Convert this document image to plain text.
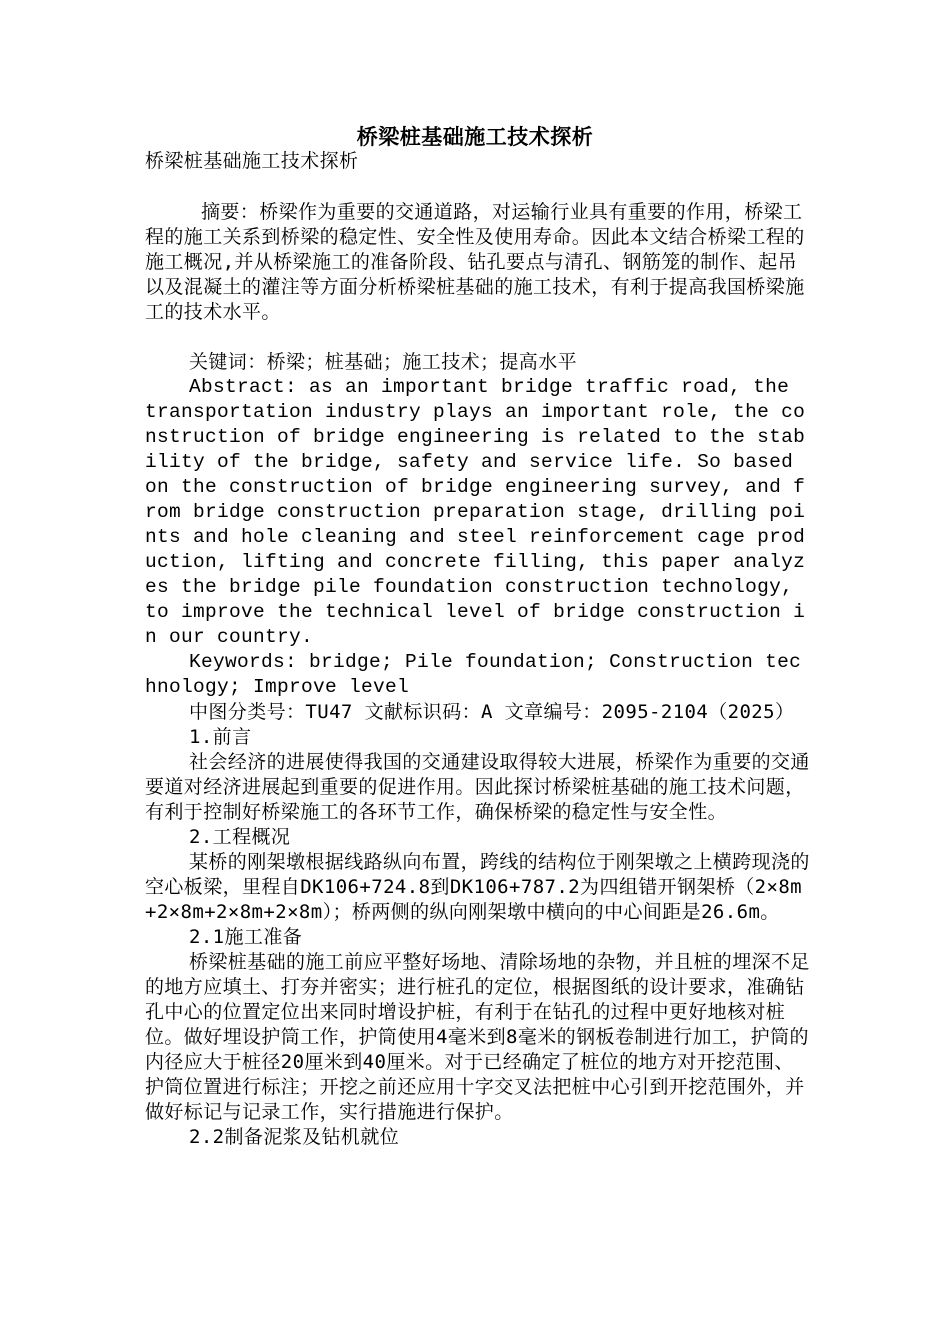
桥梁桩基础施工技术探析

桥梁桩基础施工技术探析

摘要：桥梁作为重要的交通道路，对运输行业具有重要的作用，桥梁工程的施工关系到桥梁的稳定性、安全性及使用寿命。因此本文结合桥梁工程的施工概况,并从桥梁施工的准备阶段、钻孔要点与清孔、钢筋笼的制作、起吊以及混凝土的灌注等方面分析桥梁桩基础的施工技术，有利于提高我国桥梁施工的技术水平。

关键词：桥梁；桩基础；施工技术；提高水平

Abstract: as an important bridge traffic road, the transportation industry plays an important role, the construction of bridge engineering is related to the stability of the bridge, safety and service life. So based on the construction of bridge engineering survey, and from bridge construction preparation stage, drilling points and hole cleaning and steel reinforcement cage production, lifting and concrete filling, this paper analyzes the bridge pile foundation construction technology, to improve the technical level of bridge construction in our country.

Keywords: bridge; Pile foundation; Construction technology; Improve level

中图分类号：TU47 文献标识码：A 文章编号：2095-2104（2025）

1.前言

社会经济的进展使得我国的交通建设取得较大进展，桥梁作为重要的交通要道对经济进展起到重要的促进作用。因此探讨桥梁桩基础的施工技术问题，有利于控制好桥梁施工的各环节工作，确保桥梁的稳定性与安全性。

2.工程概况

某桥的刚架墩根据线路纵向布置，跨线的结构位于刚架墩之上横跨现浇的空心板梁，里程自DK106+724.8到DK106+787.2为四组错开钢架桥（2×8m+2×8m+2×8m+2×8m）；桥两侧的纵向刚架墩中横向的中心间距是26.6m。

2.1施工准备

桥梁桩基础的施工前应平整好场地、清除场地的杂物，并且桩的埋深不足的地方应填土、打夯并密实；进行桩孔的定位，根据图纸的设计要求，准确钻孔中心的位置定位出来同时增设护桩，有利于在钻孔的过程中更好地核对桩位。做好埋设护筒工作，护筒使用4毫米到8毫米的钢板卷制进行加工，护筒的内径应大于桩径20厘米到40厘米。对于已经确定了桩位的地方对开挖范围、护筒位置进行标注；开挖之前还应用十字交叉法把桩中心引到开挖范围外，并做好标记与记录工作，实行措施进行保护。

2.2制备泥浆及钻机就位
